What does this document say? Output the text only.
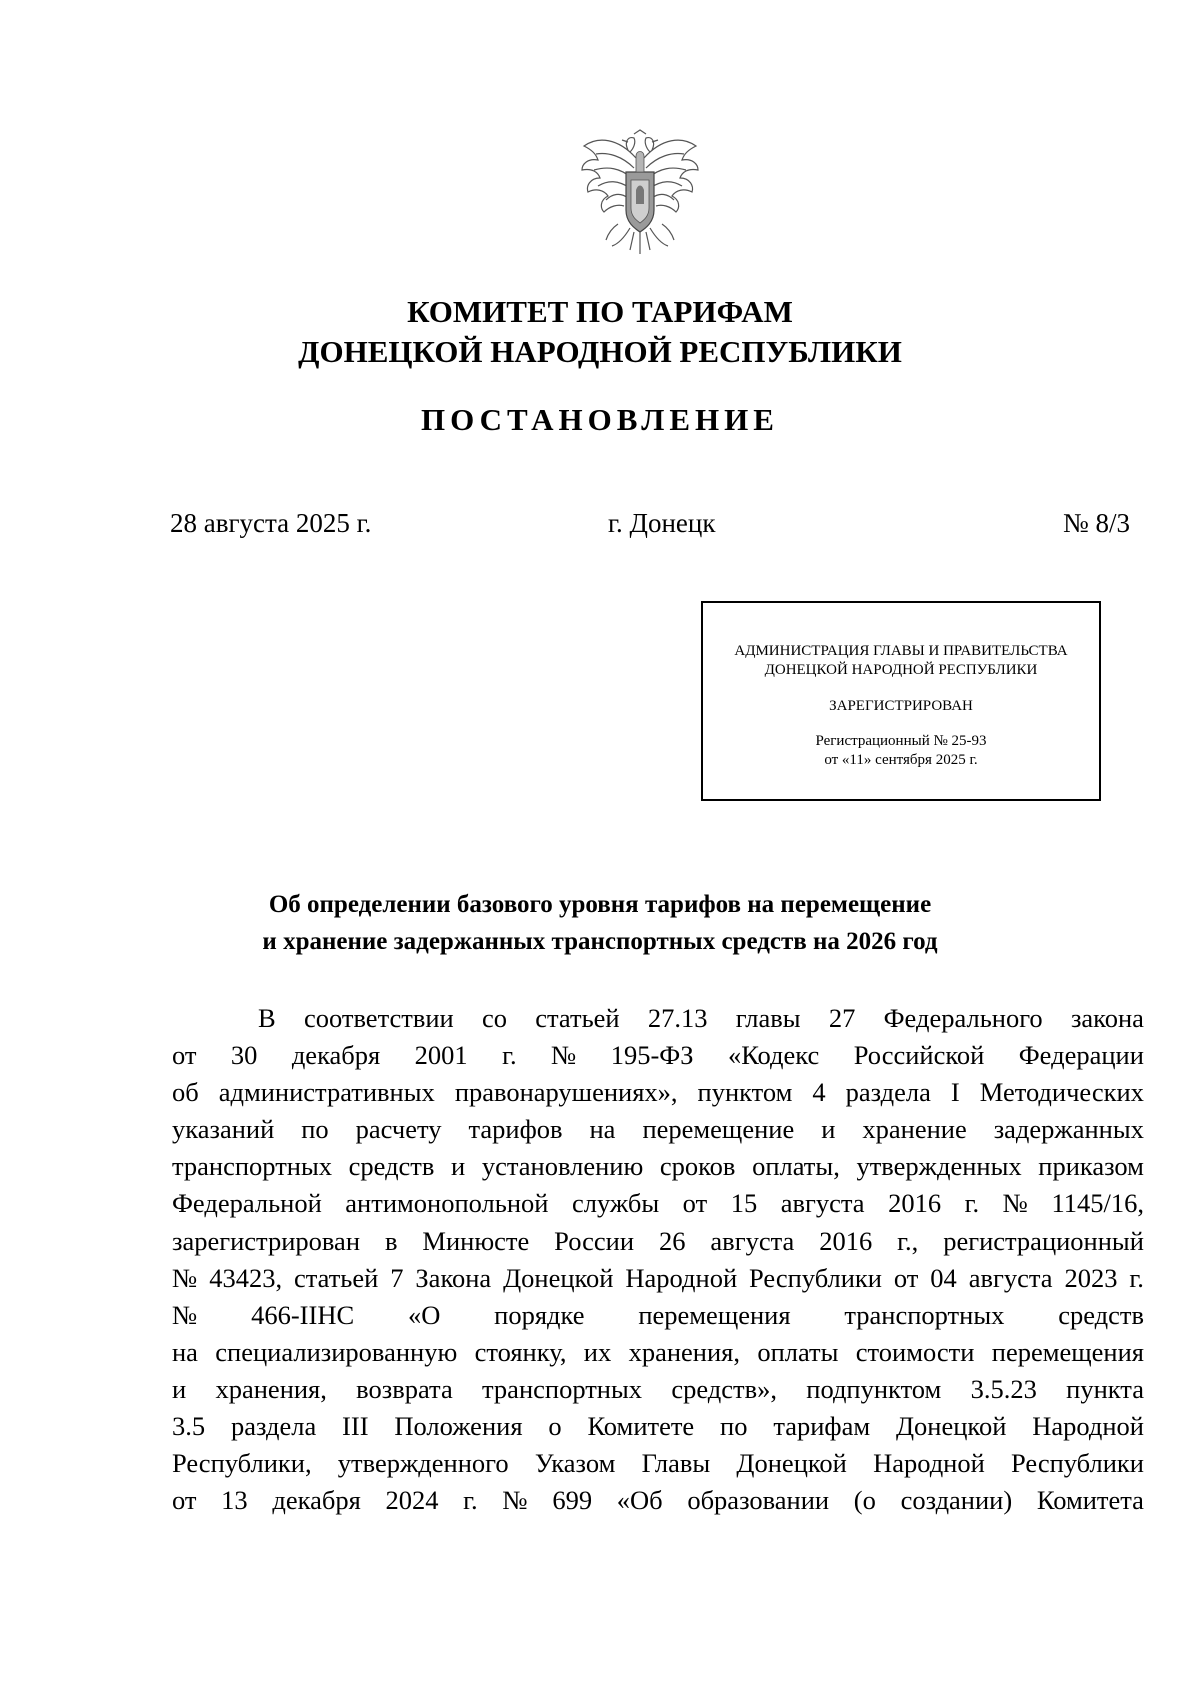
КОМИТЕТ ПО ТАРИФАМ
ДОНЕЦКОЙ НАРОДНОЙ РЕСПУБЛИКИ
ПОСТАНОВЛЕНИЕ
28 августа 2025 г.	г. Донецк	№ 8/3
АДМИНИСТРАЦИЯ ГЛАВЫ И ПРАВИТЕЛЬСТВА
ДОНЕЦКОЙ НАРОДНОЙ РЕСПУБЛИКИ
ЗАРЕГИСТРИРОВАН
Регистрационный № 25-93
от «11» сентября 2025 г.
Об определении базового уровня тарифов на перемещение
и хранение задержанных транспортных средств на 2026 год
В соответствии со статьей 27.13 главы 27 Федерального закона
от 30 декабря 2001 г. № 195-ФЗ «Кодекс Российской Федерации
об административных правонарушениях», пунктом 4 раздела I Методических
указаний по расчету тарифов на перемещение и хранение задержанных
транспортных средств и установлению сроков оплаты, утвержденных приказом
Федеральной антимонопольной службы от 15 августа 2016 г. № 1145/16,
зарегистрирован в Минюсте России 26 августа 2016 г., регистрационный
№ 43423, статьей 7 Закона Донецкой Народной Республики от 04 августа 2023 г.
№ 466-IIНС «О порядке перемещения транспортных средств
на специализированную стоянку, их хранения, оплаты стоимости перемещения
и хранения, возврата транспортных средств», подпунктом 3.5.23 пункта
3.5 раздела III Положения о Комитете по тарифам Донецкой Народной
Республики, утвержденного Указом Главы Донецкой Народной Республики
от 13 декабря 2024 г. № 699 «Об образовании (о создании) Комитета
